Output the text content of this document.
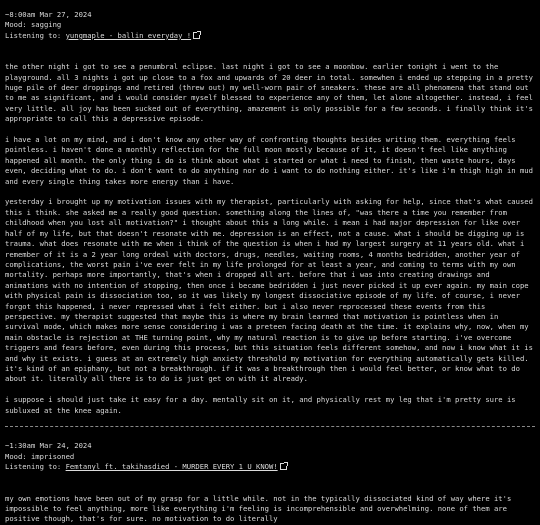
~8:00am Mar 27, 2024

Mood: sagging

Listening to: yungmaple - ballin everyday !

the other night i got to see a penumbral eclipse. last night i got to see a moonbow. earlier tonight i went to the playground. all 3 nights i got up close to a fox and upwards of 20 deer in total. somewhen i ended up stepping in a pretty huge pile of deer droppings and retired (threw out) my well-worn pair of sneakers. these are all phenomena that stand out to me as significant, and i would consider myself blessed to experience any of them, let alone altogether. instead, i feel very little. all joy has been sucked out of everything, amazement is only possible for a few seconds. i finally think it's appropriate to call this a depressive episode.

i have a lot on my mind, and i don't know any other way of confronting thoughts besides writing them. everything feels pointless. i haven't done a monthly reflection for the full moon mostly because of it, it doesn't feel like anything happened all month. the only thing i do is think about what i started or what i need to finish, then waste hours, days even, deciding what to do. i don't want to do anything nor do i want to do nothing either. it's like i'm thigh high in mud and every single thing takes more energy than i have.

yesterday i brought up my motivation issues with my therapist, particularly with asking for help, since that's what caused this i think. she asked me a really good question. something along the lines of, "was there a time you remember from childhood when you lost all motivation?" i thought about this a long while. i mean i had major depression for like over half of my life, but that doesn't resonate with me. depression is an effect, not a cause. what i should be digging up is trauma. what does resonate with me when i think of the question is when i had my largest surgery at 11 years old. what i remember of it is a 2 year long ordeal with doctors, drugs, needles, waiting rooms, 4 months bedridden, another year of complications, the worst pain i've ever felt in my life prolonged for at least a year, and coming to terms with my own mortality. perhaps more importantly, that's when i dropped all art. before that i was into creating drawings and animations with no intention of stopping, then once i became bedridden i just never picked it up ever again. my main cope with physical pain is dissociation too, so it was likely my longest dissociative episode of my life. of course, i never forgot this happened, i never repressed what i felt either. but i also never reprocessed these events from this perspective. my therapist suggested that maybe this is where my brain learned that motivation is pointless when in survival mode, which makes more sense considering i was a preteen facing death at the time. it explains why, now, when my main obstacle is rejection at THE turning point, why my natural reaction is to give up before starting. i've overcome triggers and fears before, even during this process, but this situation feels different somehow, and now i know what it is and why it exists. i guess at an extremely high anxiety threshold my motivation for everything automatically gets killed. it's kind of an epiphany, but not a breakthrough. if it was a breakthrough then i would feel better, or know what to do about it. literally all there is to do is just get on with it already.

i suppose i should just take it easy for a day. mentally sit on it, and physically rest my leg that i'm pretty sure is subluxed at the knee again.

~1:30am Mar 24, 2024

Mood: imprisoned

Listening to: Femtanyl ft. takihasdied - MURDER EVERY 1 U KNOW!

my own emotions have been out of my grasp for a little while. not in the typically dissociated kind of way where it's impossible to feel anything, more like everything i'm feeling is incomprehensible and overwhelming. none of them are positive though, that's for sure. no motivation to do literally
